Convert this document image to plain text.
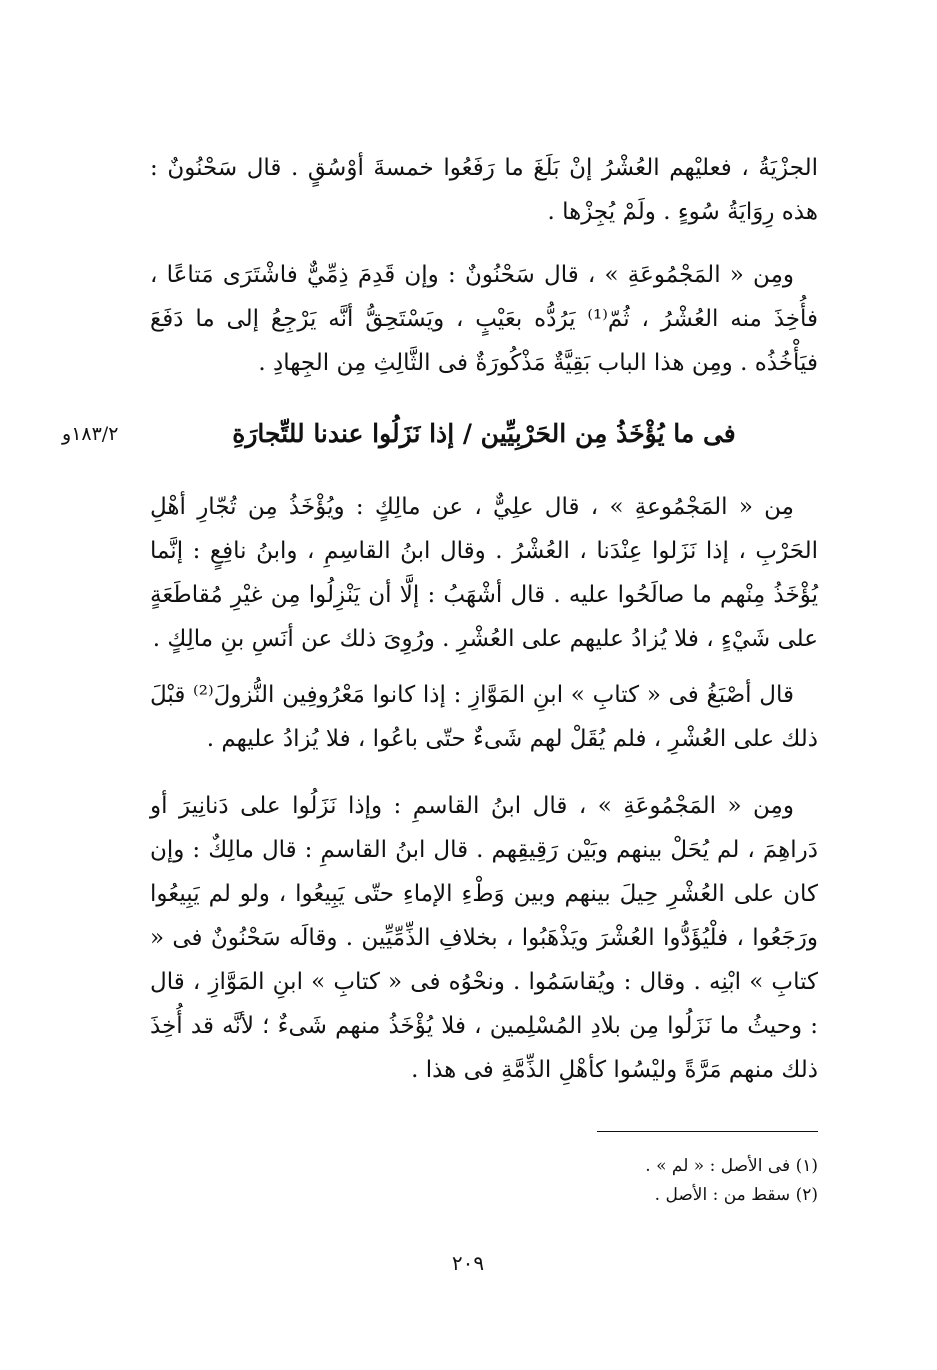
الجزْيَةُ ، فعليْهم العُشْرُ إنْ بَلَغَ ما رَفَعُوا خمسةَ أوْسُقٍ . قال سَحْنُونٌ : هذه رِوَايَةُ سُوءٍ . ولَمْ يُجِزْها .

ومِن « المَجْمُوعَةِ » ، قال سَحْنُونٌ : وإن قَدِمَ ذِمِّيٌّ فاشْتَرَى مَتاعًا ، فأُخِذَ منه العُشْرُ ، ثُمّ⁽¹⁾ يَرُدُّه بعَيْبٍ ، ويَسْتَحِقُّ أنَّه يَرْجِعُ إلى ما دَفَعَ فيَأْخُذُه . ومِن هذا الباب بَقِيَّةٌ مَذْكُورَةٌ فى الثَّالِثِ مِن الجِهادِ .

فى ما يُؤْخَذُ مِن الحَرْبِيِّين / إذا نَزَلُوا عندنا للتِّجارَةِ
١٨٣/٢و

مِن « المَجْمُوعةِ » ، قال علِيٌّ ، عن مالِكٍ : ويُؤْخَذُ مِن تُجّارِ أهْلِ الحَرْبِ ، إذا نَزَلوا عِنْدَنا ، العُشْرُ . وقال ابنُ القاسِمِ ، وابنُ نافِعٍ : إنَّما يُؤْخَذُ مِنْهم ما صالَحُوا عليه . قال أشْهَبُ : إلَّا أن يَنْزِلُوا مِن غيْرِ مُقاطَعَةٍ على شَيْءٍ ، فلا يُزادُ عليهم على العُشْرِ . ورُوِىَ ذلك عن أنَسِ بنِ مالِكٍ .

قال أصْبَغُ فى « كتابِ » ابنِ المَوَّازِ : إذا كانوا مَعْرُوفِين النُّزولَ⁽²⁾ قبْلَ ذلك على العُشْرِ ، فلم يُقَلْ لهم شَىءٌ حتّى باعُوا ، فلا يُزادُ عليهم .

ومِن « المَجْمُوعَةِ » ، قال ابنُ القاسمِ : وإذا نَزَلُوا على دَنانِيرَ أو دَراهِمَ ، لم يُحَلْ بينهم وبَيْن رَقِيقِهم . قال ابنُ القاسمِ : قال مالِكٌ : وإن كان على العُشْرِ حِيلَ بينهم وبين وَطْءِ الإماءِ حتّى يَبِيعُوا ، ولو لم يَبِيعُوا ورَجَعُوا ، فلْيُؤَدُّوا العُشْرَ ويَذْهَبُوا ، بخلافِ الذِّمِّيِّين . وقالَه سَحْنُونٌ فى « كتابِ » ابْنِه . وقال : ويُقاسَمُوا . ونحْوُه فى « كتابِ » ابنِ المَوَّازِ ، قال : وحيثُ ما نَزَلُوا مِن بلادِ المُسْلِمين ، فلا يُؤْخَذُ منهم شَىءٌ ؛ لأنَّه قد أُخِذَ ذلك منهم مَرَّةً وليْسُوا كأهْلِ الذِّمَّةِ فى هذا .

(١) فى الأصل : « لم » .

(٢) سقط من : الأصل .

٢٠٩
